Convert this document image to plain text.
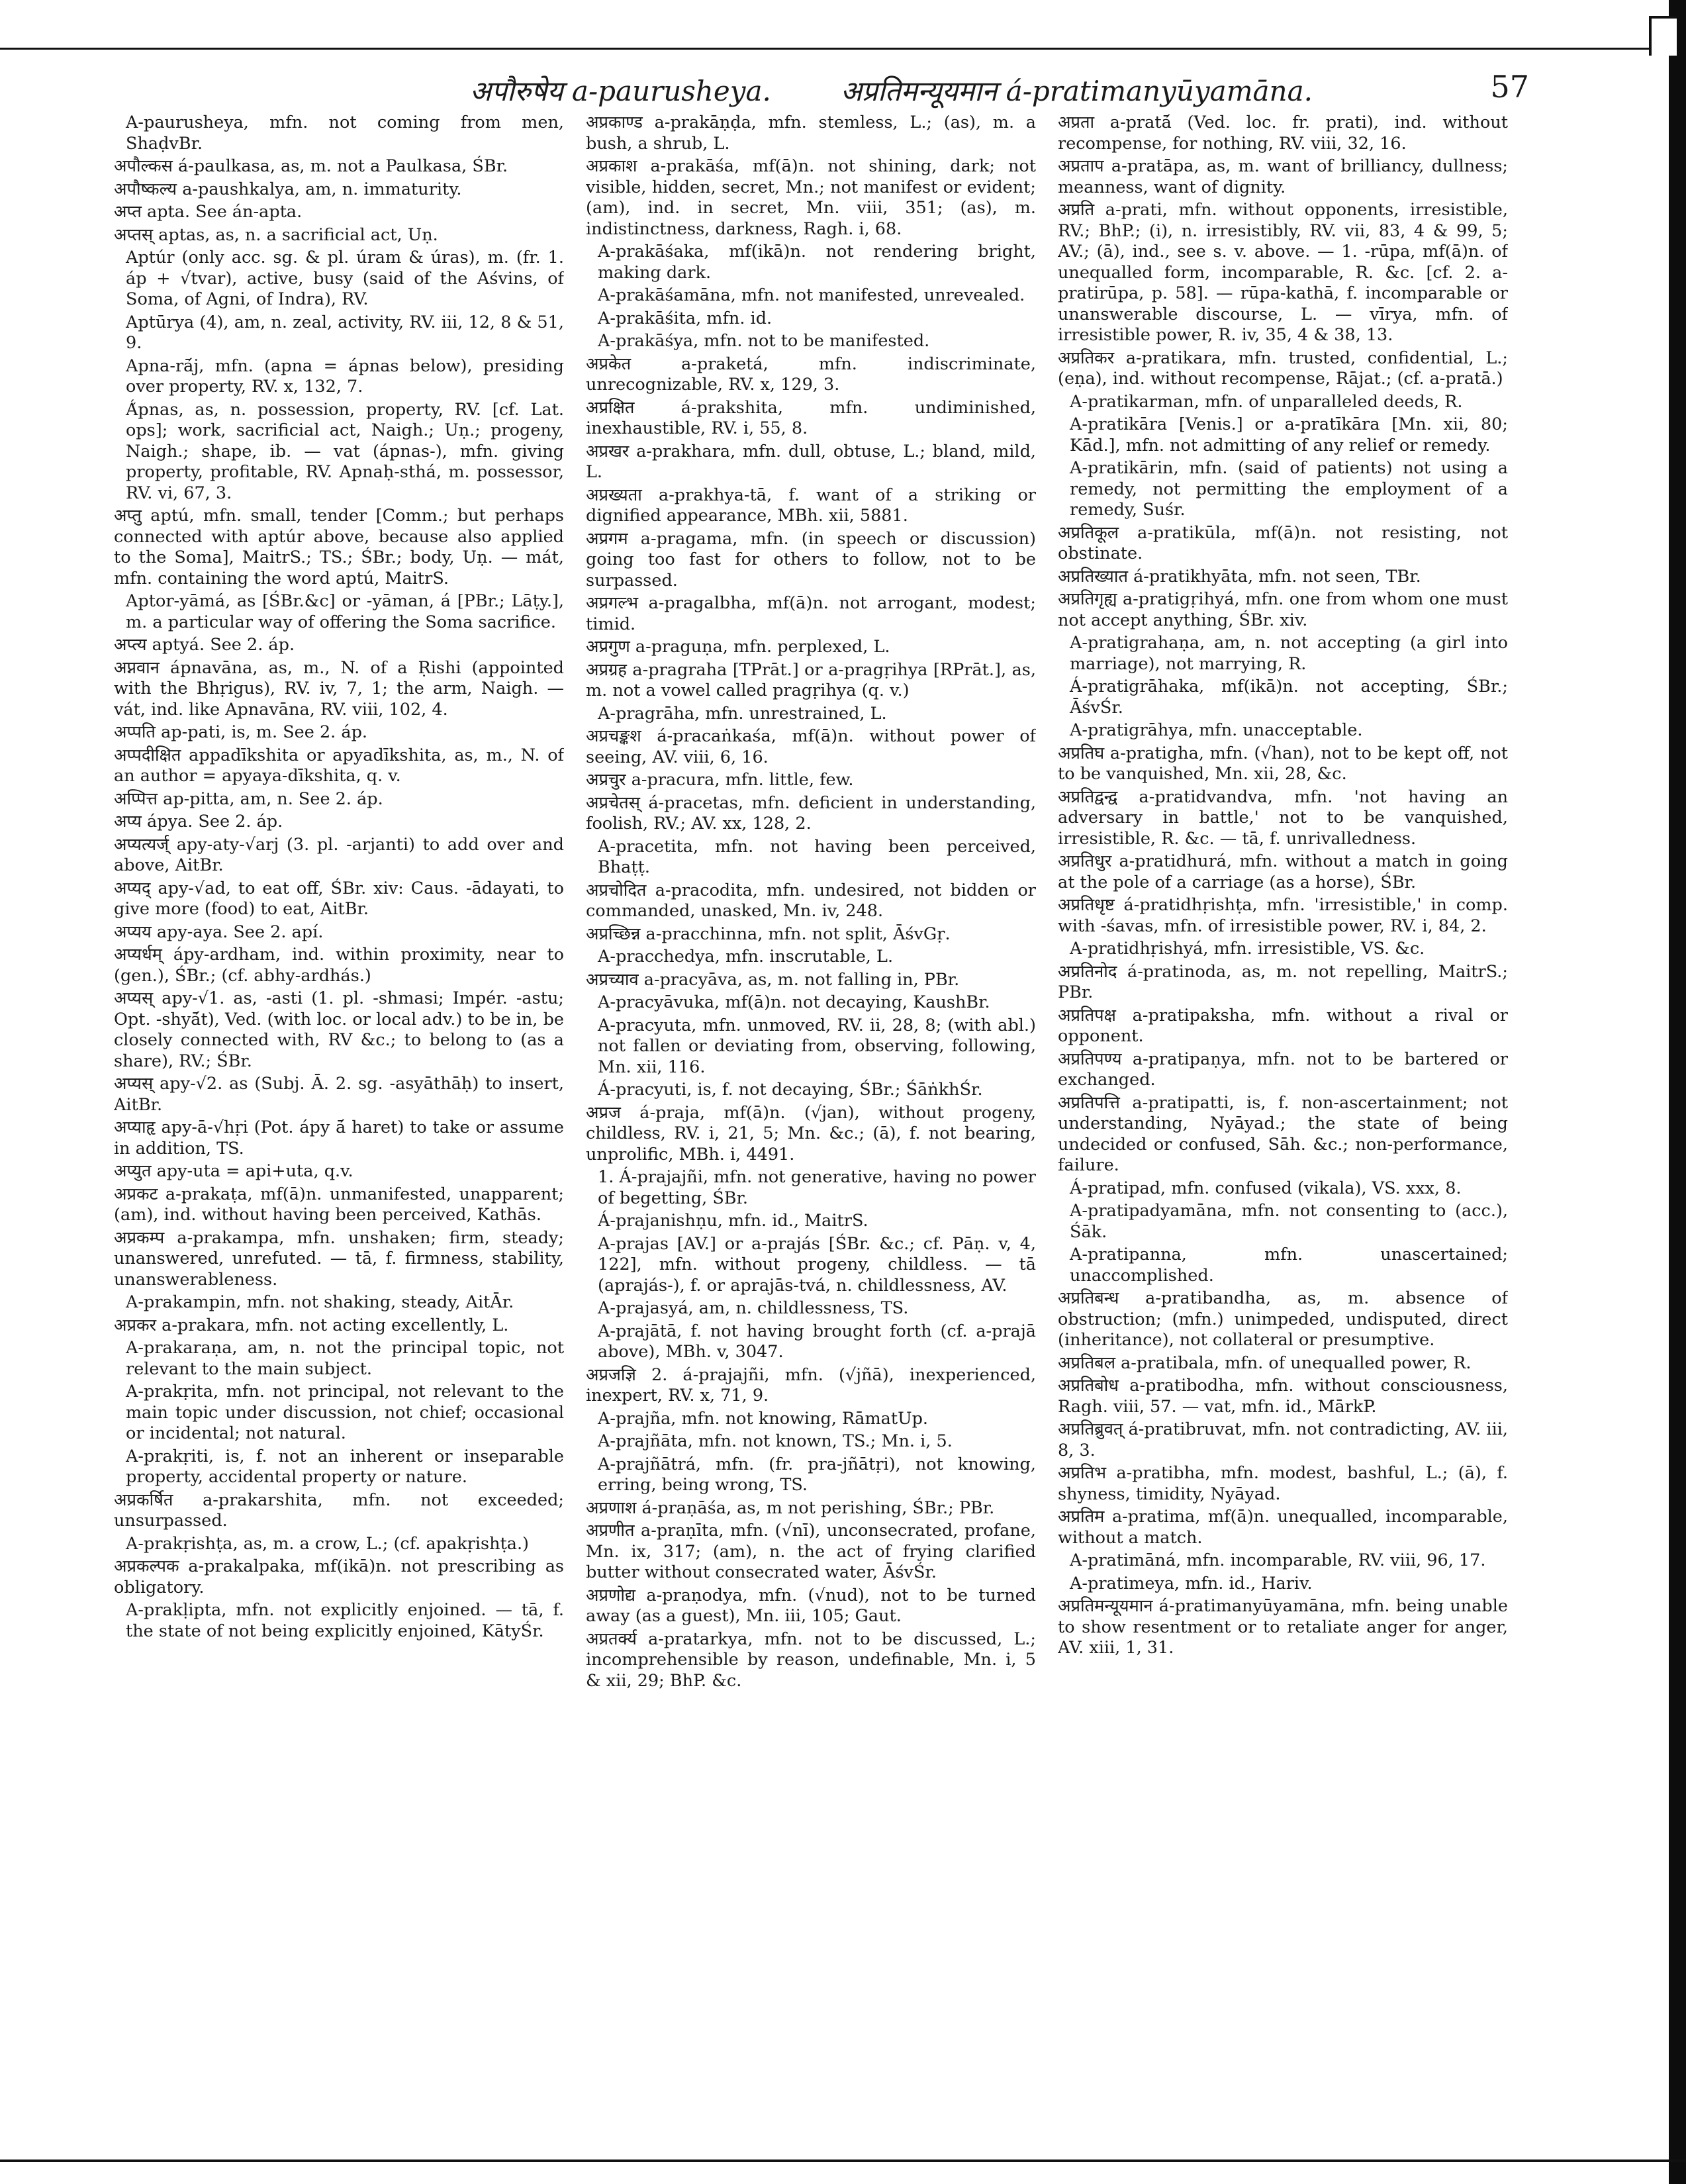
अपौरुषेय a-paurusheya.	अप्रतिमन्यूयमान á-pratimanyūyamāna.	57

A-paurusheya, mfn. not coming from men, ShaḍvBr.

अपौल्कस á-paulkasa, as, m. not a Paulkasa, ŚBr.

अपौष्कल्य a-paushkalya, am, n. immaturity.

अप्त apta. See án-apta.

अप्तस् aptas, as, n. a sacrificial act, Uṇ.

Aptúr (only acc. sg. & pl. úram & úras), m. (fr. 1. áp + √tvar), active, busy (said of the Aśvins, of Soma, of Agni, of Indra), RV.

Aptūrya (4), am, n. zeal, activity, RV. iii, 12, 8 & 51, 9.

Apna-rā́j, mfn. (apna = ápnas below), presiding over property, RV. x, 132, 7.

Á́pnas, as, n. possession, property, RV. [cf. Lat. ops]; work, sacrificial act, Naigh.; Uṇ.; progeny, Naigh.; shape, ib. — vat (ápnas-), mfn. giving property, profitable, RV. Apnaḥ-sthá, m. possessor, RV. vi, 67, 3.

अप्तु aptú, mfn. small, tender [Comm.; but perhaps connected with aptúr above, because also applied to the Soma], MaitrS.; TS.; ŚBr.; body, Uṇ. — mát, mfn. containing the word aptú, MaitrS.

Aptor-yāmá, as [ŚBr.&c] or -yāman, á [PBr.; Lāṭy.], m. a particular way of offering the Soma sacrifice.

अप्त्य aptyá. See 2. áp.

अप्नवान ápnavāna, as, m., N. of a Ṛishi (appointed with the Bhṛigus), RV. iv, 7, 1; the arm, Naigh. — vát, ind. like Apnavāna, RV. viii, 102, 4.

अप्पति ap-pati, is, m. See 2. áp.

अप्पदीक्षित appadīkshita or apyadīkshita, as, m., N. of an author = apyaya-dīkshita, q. v.

अप्पित्त ap-pitta, am, n. See 2. áp.

अप्य ápya. See 2. áp.

अप्यत्यर्ज् apy-aty-√arj (3. pl. -arjanti) to add over and above, AitBr.

अप्यद् apy-√ad, to eat off, ŚBr. xiv: Caus. -ādayati, to give more (food) to eat, AitBr.

अप्यय apy-aya. See 2. apí.

अप्यर्धम् ápy-ardham, ind. within proximity, near to (gen.), ŚBr.; (cf. abhy-ardhás.)

अप्यस् apy-√1. as, -asti (1. pl. -shmasi; Impér. -astu; Opt. -shyā́t), Ved. (with loc. or local adv.) to be in, be closely connected with, RV &c.; to belong to (as a share), RV.; ŚBr.

अप्यस् apy-√2. as (Subj. Ā. 2. sg. -asyāthāḥ) to insert, AitBr.

अप्याहृ apy-ā-√hṛi (Pot. ápy ā́ haret) to take or assume in addition, TS.

अप्युत apy-uta = api+uta, q.v.

अप्रकट a-prakaṭa, mf(ā)n. unmanifested, unapparent; (am), ind. without having been perceived, Kathās.

अप्रकम्प a-prakampa, mfn. unshaken; firm, steady; unanswered, unrefuted. — tā, f. firmness, stability, unanswerableness.

A-prakampin, mfn. not shaking, steady, AitĀr.

अप्रकर a-prakara, mfn. not acting excellently, L.

A-prakaraṇa, am, n. not the principal topic, not relevant to the main subject.

A-prakṛita, mfn. not principal, not relevant to the main topic under discussion, not chief; occasional or incidental; not natural.

A-prakṛiti, is, f. not an inherent or inseparable property, accidental property or nature.

अप्रकर्षित a-prakarshita, mfn. not exceeded; unsurpassed.

A-prakṛishṭa, as, m. a crow, L.; (cf. apakṛishṭa.)

अप्रकल्पक a-prakalpaka, mf(ikā)n. not prescribing as obligatory.

A-prakḷipta, mfn. not explicitly enjoined. — tā, f. the state of not being explicitly enjoined, KātyŚr.

अप्रकाण्ड a-prakāṇḍa, mfn. stemless, L.; (as), m. a bush, a shrub, L.

अप्रकाश a-prakāśa, mf(ā)n. not shining, dark; not visible, hidden, secret, Mn.; not manifest or evident; (am), ind. in secret, Mn. viii, 351; (as), m. indistinctness, darkness, Ragh. i, 68.

A-prakāśaka, mf(ikā)n. not rendering bright, making dark.

A-prakāśamāna, mfn. not manifested, unrevealed.

A-prakāśita, mfn. id.

A-prakāśya, mfn. not to be manifested.

अप्रकेत a-praketá, mfn. indiscriminate, unrecognizable, RV. x, 129, 3.

अप्रक्षित á-prakshita, mfn. undiminished, inexhaustible, RV. i, 55, 8.

अप्रखर a-prakhara, mfn. dull, obtuse, L.; bland, mild, L.

अप्रख्यता a-prakhya-tā, f. want of a striking or dignified appearance, MBh. xii, 5881.

अप्रगम a-pragama, mfn. (in speech or discussion) going too fast for others to follow, not to be surpassed.

अप्रगल्भ a-pragalbha, mf(ā)n. not arrogant, modest; timid.

अप्रगुण a-praguṇa, mfn. perplexed, L.

अप्रग्रह a-pragraha [TPrāt.] or a-pragṛihya [RPrāt.], as, m. not a vowel called pragṛihya (q. v.)

A-pragrāha, mfn. unrestrained, L.

अप्रचङ्कश á-pracaṅkaśa, mf(ā)n. without power of seeing, AV. viii, 6, 16.

अप्रचुर a-pracura, mfn. little, few.

अप्रचेतस् á-pracetas, mfn. deficient in understanding, foolish, RV.; AV. xx, 128, 2.

A-pracetita, mfn. not having been perceived, Bhaṭṭ.

अप्रचोदित a-pracodita, mfn. undesired, not bidden or commanded, unasked, Mn. iv, 248.

अप्रच्छिन्न a-pracchinna, mfn. not split, ĀśvGṛ.

A-pracchedya, mfn. inscrutable, L.

अप्रच्याव a-pracyāva, as, m. not falling in, PBr.

A-pracyāvuka, mf(ā)n. not decaying, KaushBr.

A-pracyuta, mfn. unmoved, RV. ii, 28, 8; (with abl.) not fallen or deviating from, observing, following, Mn. xii, 116.

Á-pracyuti, is, f. not decaying, ŚBr.; ŚāṅkhŚr.

अप्रज á-praja, mf(ā)n. (√jan), without progeny, childless, RV. i, 21, 5; Mn. &c.; (ā), f. not bearing, unprolific, MBh. i, 4491.

1. Á-prajajñi, mfn. not generative, having no power of begetting, ŚBr.

Á-prajanishṇu, mfn. id., MaitrS.

A-prajas [AV.] or a-prajás [ŚBr. &c.; cf. Pāṇ. v, 4, 122], mfn. without progeny, childless. — tā (aprajás-), f. or aprajās-tvá, n. childlessness, AV.

A-prajasyá, am, n. childlessness, TS.

A-prajātā, f. not having brought forth (cf. a-prajā above), MBh. v, 3047.

अप्रजज्ञि 2. á-prajajñi, mfn. (√jñā), inexperienced, inexpert, RV. x, 71, 9.

A-prajña, mfn. not knowing, RāmatUp.

A-prajñāta, mfn. not known, TS.; Mn. i, 5.

A-prajñātrá, mfn. (fr. pra-jñātṛi), not knowing, erring, being wrong, TS.

अप्रणाश á-praṇāśa, as, m not perishing, ŚBr.; PBr.

अप्रणीत a-praṇīta, mfn. (√nī), unconsecrated, profane, Mn. ix, 317; (am), n. the act of frying clarified butter without consecrated water, ĀśvŚr.

अप्रणोद्य a-praṇodya, mfn. (√nud), not to be turned away (as a guest), Mn. iii, 105; Gaut.

अप्रतर्क्य a-pratarkya, mfn. not to be discussed, L.; incomprehensible by reason, undefinable, Mn. i, 5 & xii, 29; BhP. &c.

अप्रता a-pratā́ (Ved. loc. fr. prati), ind. without recompense, for nothing, RV. viii, 32, 16.

अप्रताप a-pratāpa, as, m. want of brilliancy, dullness; meanness, want of dignity.

अप्रति a-prati, mfn. without opponents, irresistible, RV.; BhP.; (i), n. irresistibly, RV. vii, 83, 4 & 99, 5; AV.; (ā), ind., see s. v. above. — 1. -rūpa, mf(ā)n. of unequalled form, incomparable, R. &c. [cf. 2. a-pratirūpa, p. 58]. — rūpa-kathā, f. incomparable or unanswerable discourse, L. — vīrya, mfn. of irresistible power, R. iv, 35, 4 & 38, 13.

अप्रतिकर a-pratikara, mfn. trusted, confidential, L.; (eṇa), ind. without recompense, Rājat.; (cf. a-pratā.)

A-pratikarman, mfn. of unparalleled deeds, R.

A-pratikāra [Venis.] or a-pratīkāra [Mn. xii, 80; Kād.], mfn. not admitting of any relief or remedy.

A-pratikārin, mfn. (said of patients) not using a remedy, not permitting the employment of a remedy, Suśr.

अप्रतिकूल a-pratikūla, mf(ā)n. not resisting, not obstinate.

अप्रतिख्यात á-pratikhyāta, mfn. not seen, TBr.

अप्रतिगृह्य a-pratigṛihyá, mfn. one from whom one must not accept anything, ŚBr. xiv.

A-pratigrahaṇa, am, n. not accepting (a girl into marriage), not marrying, R.

Á-pratigrāhaka, mf(ikā)n. not accepting, ŚBr.; ĀśvŚr.

A-pratigrāhya, mfn. unacceptable.

अप्रतिघ a-pratigha, mfn. (√han), not to be kept off, not to be vanquished, Mn. xii, 28, &c.

अप्रतिद्वन्द्व a-pratidvandva, mfn. 'not having an adversary in battle,' not to be vanquished, irresistible, R. &c. — tā, f. unrivalledness.

अप्रतिधुर a-pratidhurá, mfn. without a match in going at the pole of a carriage (as a horse), ŚBr.

अप्रतिधृष्ट á-pratidhṛishṭa, mfn. 'irresistible,' in comp. with -śavas, mfn. of irresistible power, RV. i, 84, 2.

A-pratidhṛishyá, mfn. irresistible, VS. &c.

अप्रतिनोद á-pratinoda, as, m. not repelling, MaitrS.; PBr.

अप्रतिपक्ष a-pratipaksha, mfn. without a rival or opponent.

अप्रतिपण्य a-pratipaṇya, mfn. not to be bartered or exchanged.

अप्रतिपत्ति a-pratipatti, is, f. non-ascertainment; not understanding, Nyāyad.; the state of being undecided or confused, Sāh. &c.; non-performance, failure.

Á-pratipad, mfn. confused (vikala), VS. xxx, 8.

A-pratipadyamāna, mfn. not consenting to (acc.), Śāk.

A-pratipanna, mfn. unascertained; unaccomplished.

अप्रतिबन्ध a-pratibandha, as, m. absence of obstruction; (mfn.) unimpeded, undisputed, direct (inheritance), not collateral or presumptive.

अप्रतिबल a-pratibala, mfn. of unequalled power, R.

अप्रतिबोध a-pratibodha, mfn. without consciousness, Ragh. viii, 57. — vat, mfn. id., MārkP.

अप्रतिब्रुवत् á-pratibruvat, mfn. not contradicting, AV. iii, 8, 3.

अप्रतिभ a-pratibha, mfn. modest, bashful, L.; (ā), f. shyness, timidity, Nyāyad.

अप्रतिम a-pratima, mf(ā)n. unequalled, incomparable, without a match.

A-pratimāná, mfn. incomparable, RV. viii, 96, 17.

A-pratimeya, mfn. id., Hariv.

अप्रतिमन्यूयमान á-pratimanyūyamāna, mfn. being unable to show resentment or to retaliate anger for anger, AV. xiii, 1, 31.
